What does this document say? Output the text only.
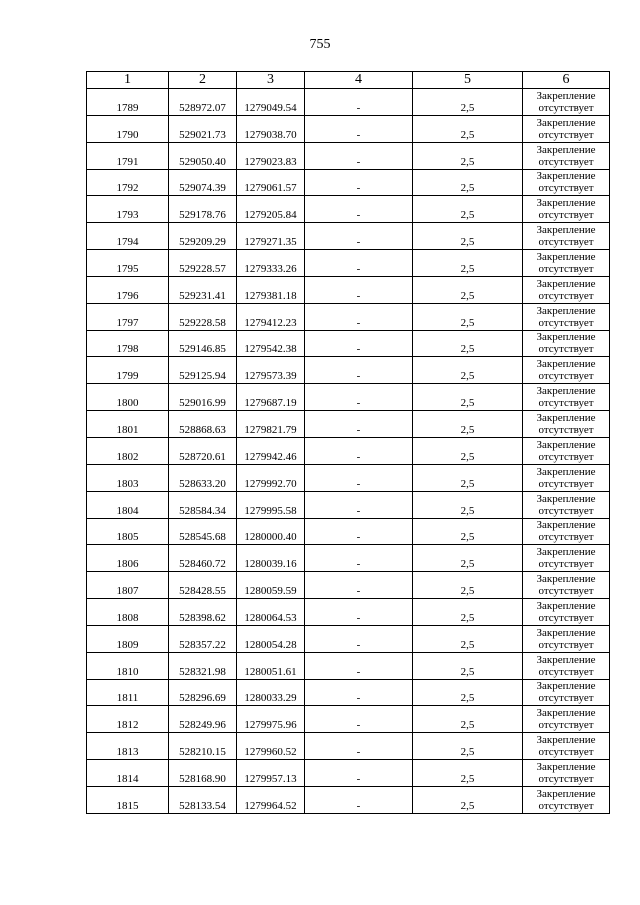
755
1	2	3	4	5	6
1789	528972.07	1279049.54	-	2,5	Закрепление
отсутствует

1790	529021.73	1279038.70	-	2,5	Закрепление
отсутствует

1791	529050.40	1279023.83	-	2,5	Закрепление
отсутствует

1792	529074.39	1279061.57	-	2,5	Закрепление
отсутствует

1793	529178.76	1279205.84	-	2,5	Закрепление
отсутствует

1794	529209.29	1279271.35	-	2,5	Закрепление
отсутствует

1795	529228.57	1279333.26	-	2,5	Закрепление
отсутствует

1796	529231.41	1279381.18	-	2,5	Закрепление
отсутствует

1797	529228.58	1279412.23	-	2,5	Закрепление
отсутствует

1798	529146.85	1279542.38	-	2,5	Закрепление
отсутствует

1799	529125.94	1279573.39	-	2,5	Закрепление
отсутствует

1800	529016.99	1279687.19	-	2,5	Закрепление
отсутствует

1801	528868.63	1279821.79	-	2,5	Закрепление
отсутствует

1802	528720.61	1279942.46	-	2,5	Закрепление
отсутствует

1803	528633.20	1279992.70	-	2,5	Закрепление
отсутствует

1804	528584.34	1279995.58	-	2,5	Закрепление
отсутствует

1805	528545.68	1280000.40	-	2,5	Закрепление
отсутствует

1806	528460.72	1280039.16	-	2,5	Закрепление
отсутствует

1807	528428.55	1280059.59	-	2,5	Закрепление
отсутствует

1808	528398.62	1280064.53	-	2,5	Закрепление
отсутствует

1809	528357.22	1280054.28	-	2,5	Закрепление
отсутствует

1810	528321.98	1280051.61	-	2,5	Закрепление
отсутствует

1811	528296.69	1280033.29	-	2,5	Закрепление
отсутствует

1812	528249.96	1279975.96	-	2,5	Закрепление
отсутствует

1813	528210.15	1279960.52	-	2,5	Закрепление
отсутствует

1814	528168.90	1279957.13	-	2,5	Закрепление
отсутствует

1815	528133.54	1279964.52	-	2,5	Закрепление
отсутствует
